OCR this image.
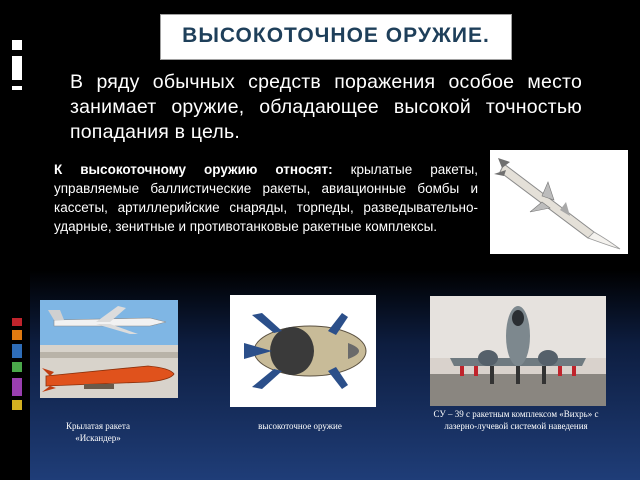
ВЫСОКОТОЧНОЕ ОРУЖИЕ.

В ряду обычных средств поражения особое место занимает оружие, обладающее высокой точностью попадания в цель.

К высокоточному оружию относят: крылатые ракеты, управляемые баллистические ракеты, авиационные бомбы и кассеты, артиллерийские снаряды, торпеды, разведывательно-ударные, зенитные и противотанковые ракетные комплексы.
Крылатая ракета «Искандер»
высокоточное оружие
СУ – 39 с ракетным комплексом «Вихрь» с лазерно-лучевой системой наведения
